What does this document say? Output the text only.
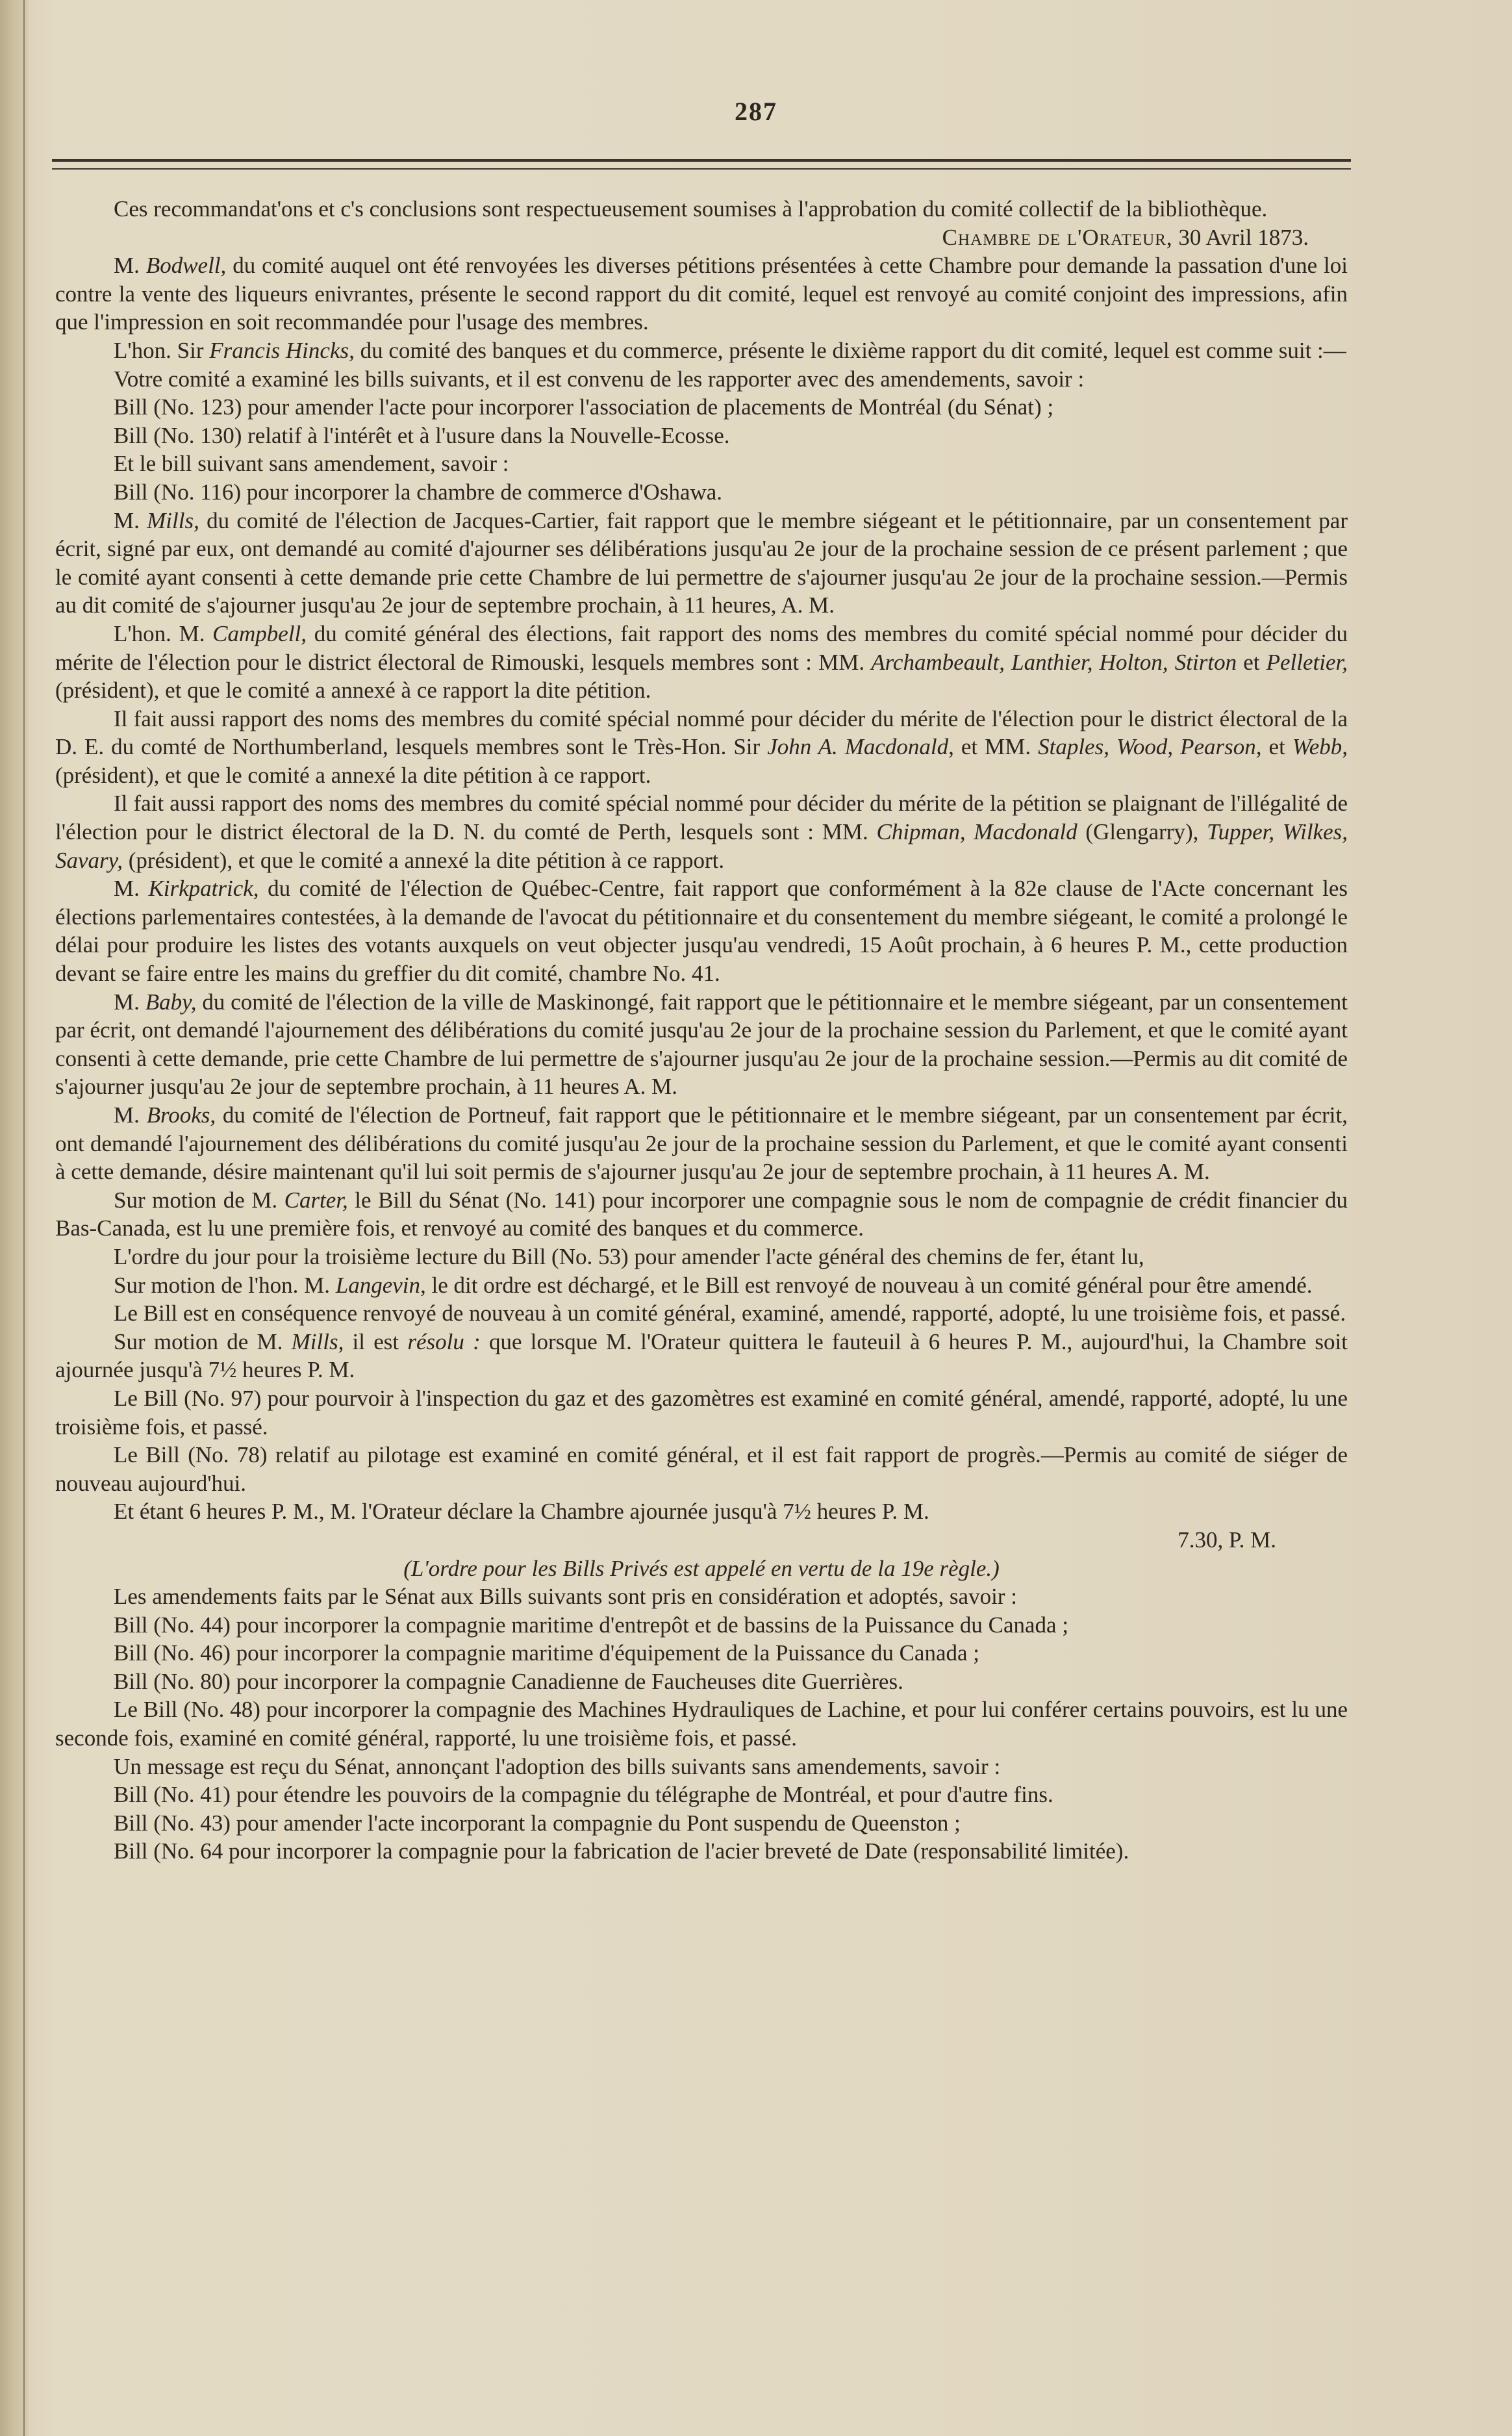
287

Ces recommandat'ons et c's conclusions sont respectueusement soumises à l'approbation du comité collectif de la bibliothèque.

Chambre de l'Orateur, 30 Avril 1873.

M. Bodwell, du comité auquel ont été renvoyées les diverses pétitions présentées à cette Chambre pour demande la passation d'une loi contre la vente des liqueurs enivrantes, présente le second rapport du dit comité, lequel est renvoyé au comité conjoint des impressions, afin que l'impression en soit recommandée pour l'usage des membres.

L'hon. Sir Francis Hincks, du comité des banques et du commerce, présente le dixième rapport du dit comité, lequel est comme suit :—

Votre comité a examiné les bills suivants, et il est convenu de les rapporter avec des amendements, savoir :

Bill (No. 123) pour amender l'acte pour incorporer l'association de placements de Montréal (du Sénat) ;

Bill (No. 130) relatif à l'intérêt et à l'usure dans la Nouvelle-Ecosse.

Et le bill suivant sans amendement, savoir :

Bill (No. 116) pour incorporer la chambre de commerce d'Oshawa.

M. Mills, du comité de l'élection de Jacques-Cartier, fait rapport que le membre siégeant et le pétitionnaire, par un consentement par écrit, signé par eux, ont demandé au comité d'ajourner ses délibérations jusqu'au 2e jour de la prochaine session de ce présent parlement ; que le comité ayant consenti à cette demande prie cette Chambre de lui permettre de s'ajourner jusqu'au 2e jour de la prochaine session.—Permis au dit comité de s'ajourner jusqu'au 2e jour de septembre prochain, à 11 heures, A. M.

L'hon. M. Campbell, du comité général des élections, fait rapport des noms des membres du comité spécial nommé pour décider du mérite de l'élection pour le district électoral de Rimouski, lesquels membres sont : MM. Archambeault, Lanthier, Holton, Stirton et Pelletier, (président), et que le comité a annexé à ce rapport la dite pétition.

Il fait aussi rapport des noms des membres du comité spécial nommé pour décider du mérite de l'élection pour le district électoral de la D. E. du comté de Northumberland, lesquels membres sont le Très-Hon. Sir John A. Macdonald, et MM. Staples, Wood, Pearson, et Webb, (président), et que le comité a annexé la dite pétition à ce rapport.

Il fait aussi rapport des noms des membres du comité spécial nommé pour décider du mérite de la pétition se plaignant de l'illégalité de l'élection pour le district électoral de la D. N. du comté de Perth, lesquels sont : MM. Chipman, Macdonald (Glengarry), Tupper, Wilkes, Savary, (président), et que le comité a annexé la dite pétition à ce rapport.

M. Kirkpatrick, du comité de l'élection de Québec-Centre, fait rapport que conformément à la 82e clause de l'Acte concernant les élections parlementaires contestées, à la demande de l'avocat du pétitionnaire et du consentement du membre siégeant, le comité a prolongé le délai pour produire les listes des votants auxquels on veut objecter jusqu'au vendredi, 15 Août prochain, à 6 heures P. M., cette production devant se faire entre les mains du greffier du dit comité, chambre No. 41.

M. Baby, du comité de l'élection de la ville de Maskinongé, fait rapport que le pétitionnaire et le membre siégeant, par un consentement par écrit, ont demandé l'ajournement des délibérations du comité jusqu'au 2e jour de la prochaine session du Parlement, et que le comité ayant consenti à cette demande, prie cette Chambre de lui permettre de s'ajourner jusqu'au 2e jour de la prochaine session.—Permis au dit comité de s'ajourner jusqu'au 2e jour de septembre prochain, à 11 heures A. M.

M. Brooks, du comité de l'élection de Portneuf, fait rapport que le pétitionnaire et le membre siégeant, par un consentement par écrit, ont demandé l'ajournement des délibérations du comité jusqu'au 2e jour de la prochaine session du Parlement, et que le comité ayant consenti à cette demande, désire maintenant qu'il lui soit permis de s'ajourner jusqu'au 2e jour de septembre prochain, à 11 heures A. M.

Sur motion de M. Carter, le Bill du Sénat (No. 141) pour incorporer une compagnie sous le nom de compagnie de crédit financier du Bas-Canada, est lu une première fois, et renvoyé au comité des banques et du commerce.

L'ordre du jour pour la troisième lecture du Bill (No. 53) pour amender l'acte général des chemins de fer, étant lu,

Sur motion de l'hon. M. Langevin, le dit ordre est déchargé, et le Bill est renvoyé de nouveau à un comité général pour être amendé.

Le Bill est en conséquence renvoyé de nouveau à un comité général, examiné, amendé, rapporté, adopté, lu une troisième fois, et passé.

Sur motion de M. Mills, il est résolu : que lorsque M. l'Orateur quittera le fauteuil à 6 heures P. M., aujourd'hui, la Chambre soit ajournée jusqu'à 7½ heures P. M.

Le Bill (No. 97) pour pourvoir à l'inspection du gaz et des gazomètres est examiné en comité général, amendé, rapporté, adopté, lu une troisième fois, et passé.

Le Bill (No. 78) relatif au pilotage est examiné en comité général, et il est fait rapport de progrès.—Permis au comité de siéger de nouveau aujourd'hui.

Et étant 6 heures P. M., M. l'Orateur déclare la Chambre ajournée jusqu'à 7½ heures P. M.

7.30, P. M.

(L'ordre pour les Bills Privés est appelé en vertu de la 19e règle.)

Les amendements faits par le Sénat aux Bills suivants sont pris en considération et adoptés, savoir :

Bill (No. 44) pour incorporer la compagnie maritime d'entrepôt et de bassins de la Puissance du Canada ;

Bill (No. 46) pour incorporer la compagnie maritime d'équipement de la Puissance du Canada ;

Bill (No. 80) pour incorporer la compagnie Canadienne de Faucheuses dite Guerrières.

Le Bill (No. 48) pour incorporer la compagnie des Machines Hydrauliques de Lachine, et pour lui conférer certains pouvoirs, est lu une seconde fois, examiné en comité général, rapporté, lu une troisième fois, et passé.

Un message est reçu du Sénat, annonçant l'adoption des bills suivants sans amendements, savoir :

Bill (No. 41) pour étendre les pouvoirs de la compagnie du télégraphe de Montréal, et pour d'autre fins.

Bill (No. 43) pour amender l'acte incorporant la compagnie du Pont suspendu de Queenston ;

Bill (No. 64 pour incorporer la compagnie pour la fabrication de l'acier breveté de Date (responsabilité limitée).
